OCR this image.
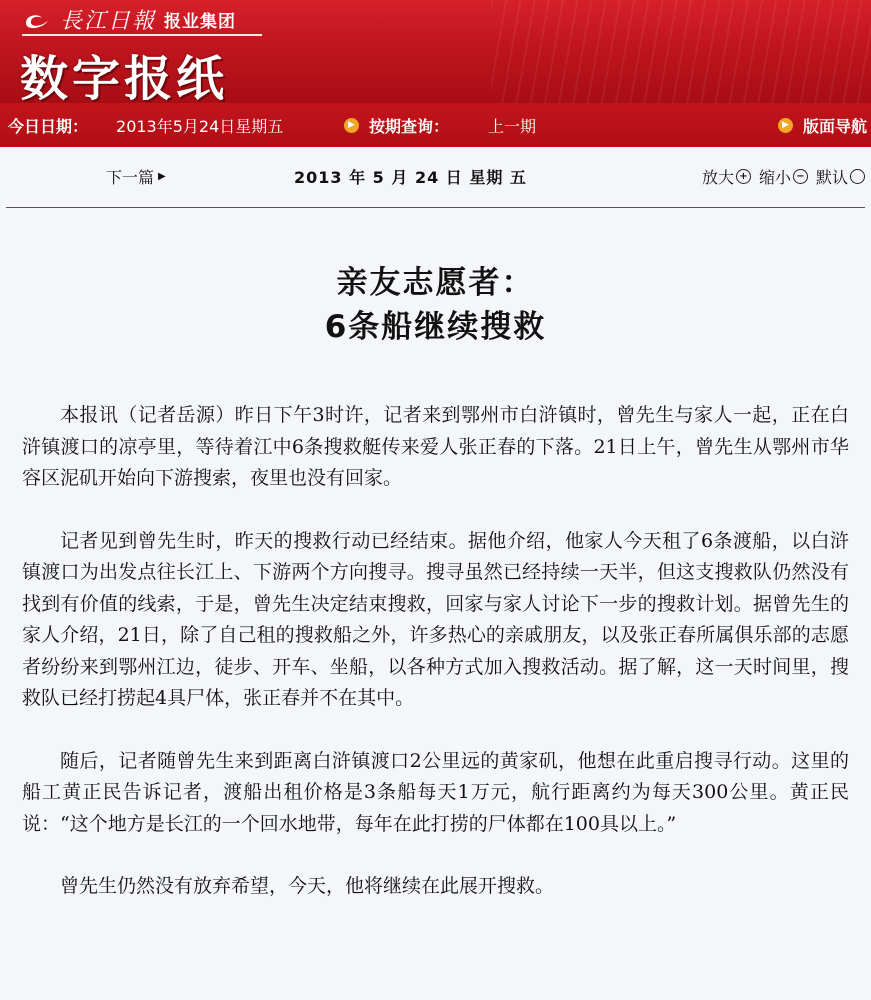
長江日報 报业集团
数字报纸
今日日期： 2013年5月24日星期五	▶ 按期查询： 上一期	▶ 版面导航
下一篇 ▶	2013 年 5 月 24 日 星期 五	放大 + 缩小 − 默认
亲友志愿者：
6条船继续搜救

本报讯（记者岳源）昨日下午3时许，记者来到鄂州市白浒镇时，曾先生与家人一起，正在白浒镇渡口的凉亭里，等待着江中6条搜救艇传来爱人张正春的下落。21日上午，曾先生从鄂州市华容区泥矶开始向下游搜索，夜里也没有回家。

记者见到曾先生时，昨天的搜救行动已经结束。据他介绍，他家人今天租了6条渡船，以白浒镇渡口为出发点往长江上、下游两个方向搜寻。搜寻虽然已经持续一天半，但这支搜救队仍然没有找到有价值的线索，于是，曾先生决定结束搜救，回家与家人讨论下一步的搜救计划。据曾先生的家人介绍，21日，除了自己租的搜救船之外，许多热心的亲戚朋友，以及张正春所属俱乐部的志愿者纷纷来到鄂州江边，徒步、开车、坐船，以各种方式加入搜救活动。据了解，这一天时间里，搜救队已经打捞起4具尸体，张正春并不在其中。

随后，记者随曾先生来到距离白浒镇渡口2公里远的黄家矶，他想在此重启搜寻行动。这里的船工黄正民告诉记者，渡船出租价格是3条船每天1万元，航行距离约为每天300公里。黄正民说：“这个地方是长江的一个回水地带，每年在此打捞的尸体都在100具以上。”

曾先生仍然没有放弃希望，今天，他将继续在此展开搜救。
